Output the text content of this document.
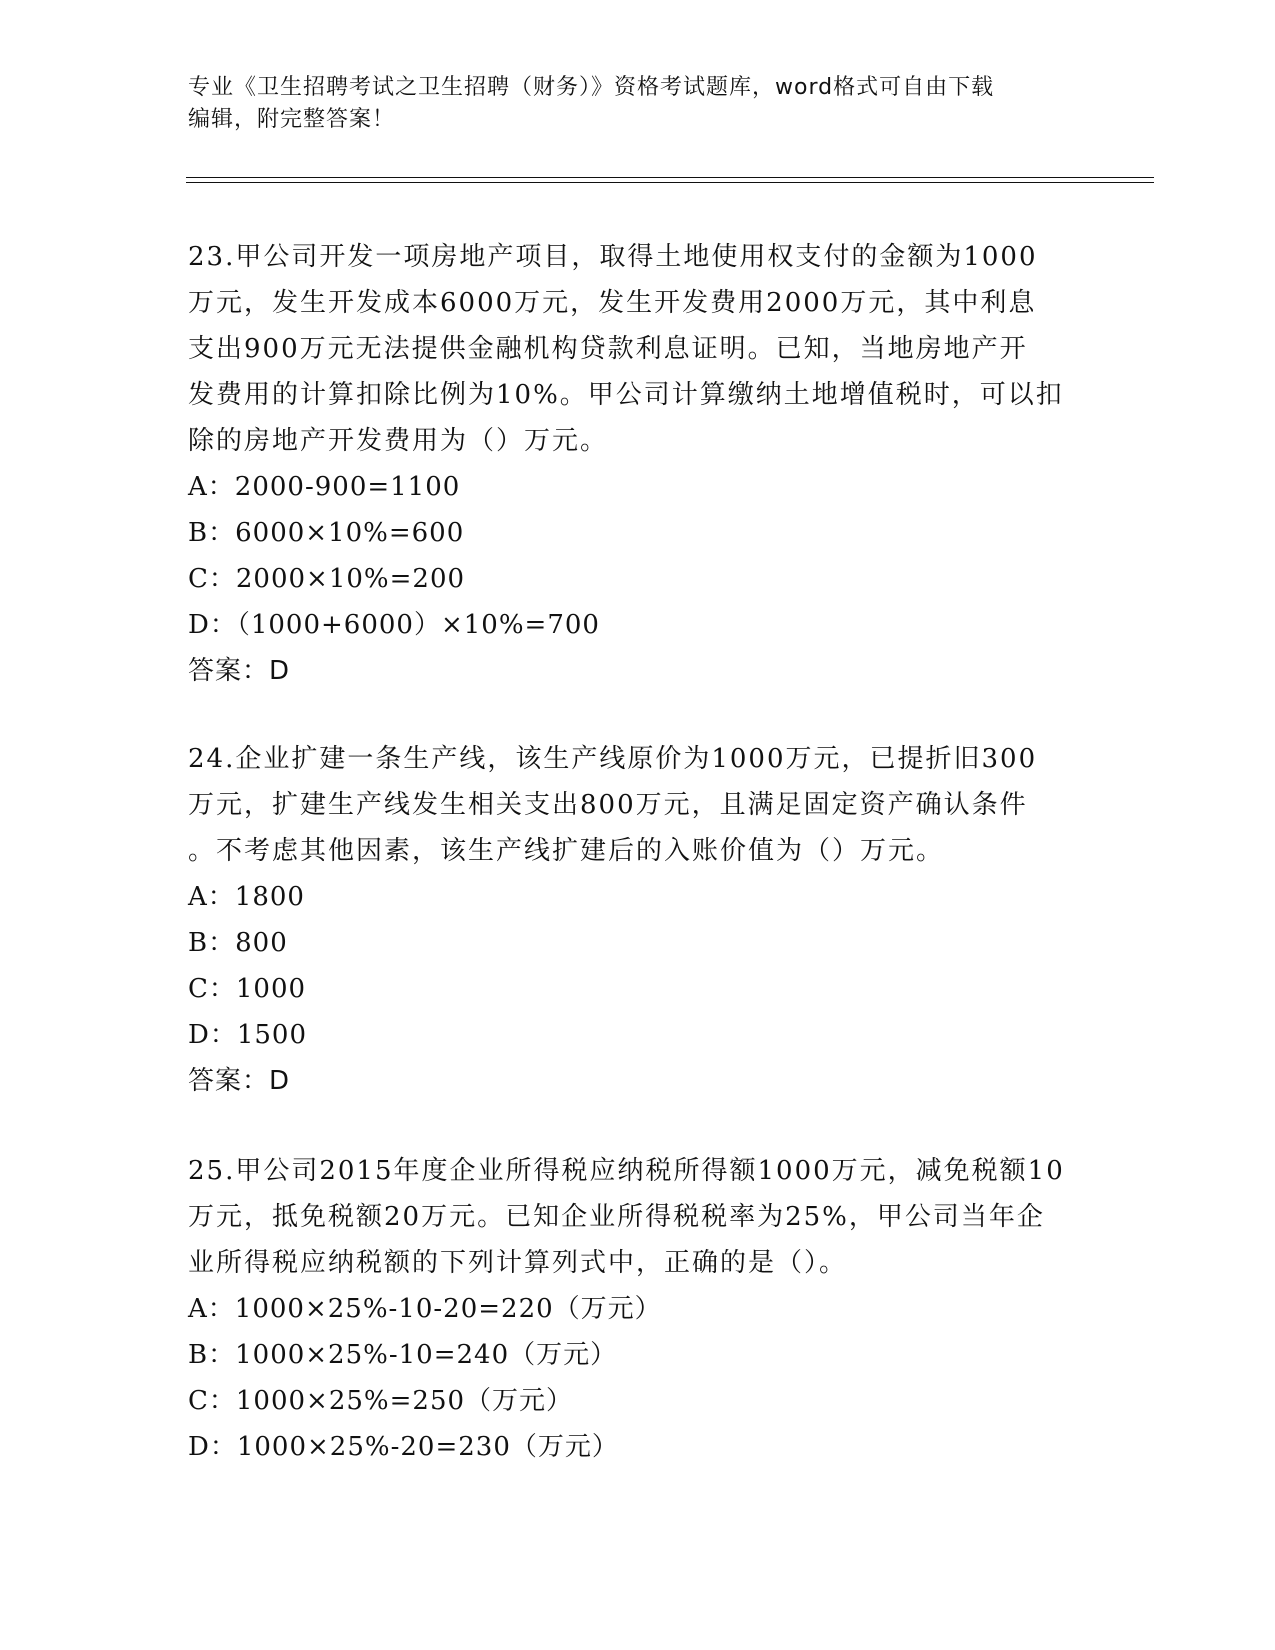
专业《卫生招聘考试之卫生招聘（财务）》资格考试题库，word格式可自由下载
编辑，附完整答案！

23.甲公司开发一项房地产项目，取得土地使用权支付的金额为1000

万元，发生开发成本6000万元，发生开发费用2000万元，其中利息

支出900万元无法提供金融机构贷款利息证明。已知，当地房地产开

发费用的计算扣除比例为10%。甲公司计算缴纳土地增值税时，可以扣

除的房地产开发费用为（）万元。

A：2000-900=1100

B：6000×10%=600

C：2000×10%=200

D：（1000+6000）×10%=700

答案：D

24.企业扩建一条生产线，该生产线原价为1000万元，已提折旧300

万元，扩建生产线发生相关支出800万元，且满足固定资产确认条件

。不考虑其他因素，该生产线扩建后的入账价值为（）万元。

A：1800

B：800

C：1000

D：1500

答案：D

25.甲公司2015年度企业所得税应纳税所得额1000万元，减免税额10

万元，抵免税额20万元。已知企业所得税税率为25%，甲公司当年企

业所得税应纳税额的下列计算列式中，正确的是（）。

A：1000×25%-10-20=220（万元）

B：1000×25%-10=240（万元）

C：1000×25%=250（万元）

D：1000×25%-20=230（万元）
